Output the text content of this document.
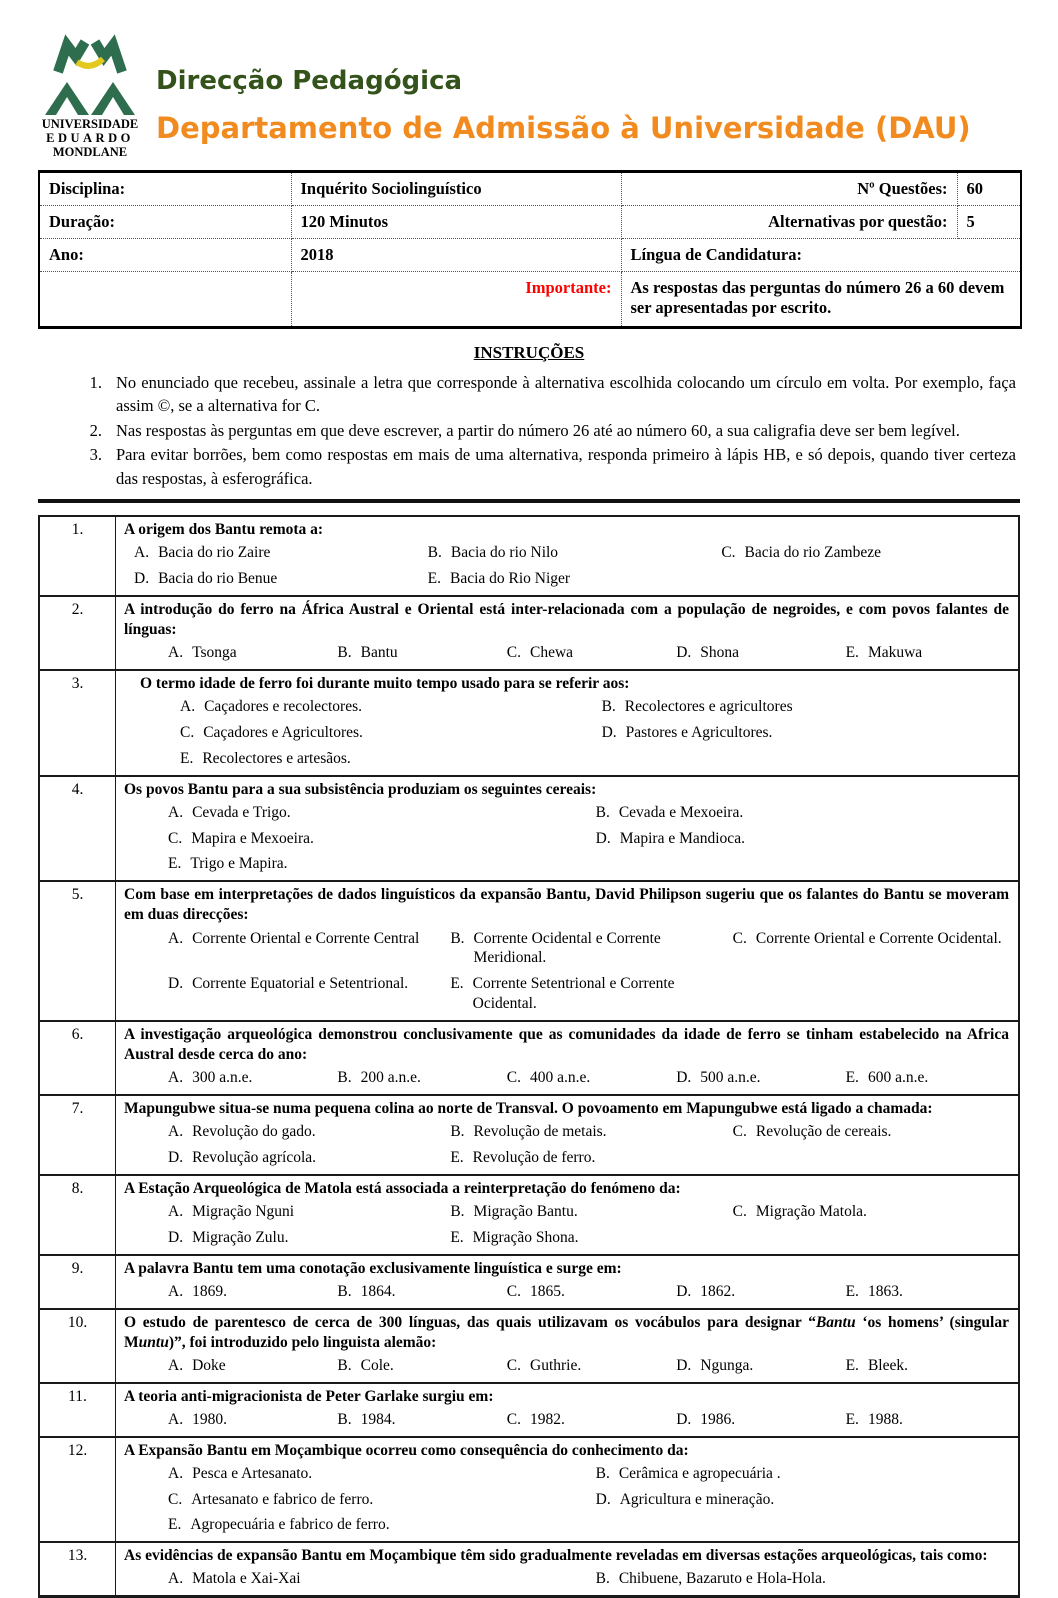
UNIVERSIDADE
EDUARDO
MONDLANE
Direcção Pedagógica
Departamento de Admissão à Universidade (DAU)
Disciplina:	Inquérito Sociolinguístico	Nº Questões:	60
Duração:	120 Minutos	Alternativas por questão:	5
Ano:	2018	Língua de Candidatura:	
	Importante:	As respostas das perguntas do número 26 a 60 devem ser apresentadas por escrito.	
INSTRUÇÕES
1. No enunciado que recebeu, assinale a letra que corresponde à alternativa escolhida colocando um círculo em volta. Por exemplo, faça assim ©, se a alternativa for C.
2. Nas respostas às perguntas em que deve escrever, a partir do número 26 até ao número 60, a sua caligrafia deve ser bem legível.
3. Para evitar borrões, bem como respostas em mais de uma alternativa, responda primeiro à lápis HB, e só depois, quando tiver certeza das respostas, à esferográfica.
1.	A origem dos Bantu remota a:
A. Bacia do rio Zaire	B. Bacia do rio Nilo	C. Bacia do rio Zambeze
D. Bacia do rio Benue	E. Bacia do Rio Niger
2.	A introdução do ferro na África Austral e Oriental está inter-relacionada com a população de negroides, e com povos falantes de línguas:
A. Tsonga	B. Bantu	C. Chewa	D. Shona	E. Makuwa
3.	O termo idade de ferro foi durante muito tempo usado para se referir aos:
A. Caçadores e recolectores.	B. Recolectores e agricultores
C. Caçadores e Agricultores.	D. Pastores e Agricultores.
E. Recolectores e artesãos.
4.	Os povos Bantu para a sua subsistência produziam os seguintes cereais:
A. Cevada e Trigo.	B. Cevada e Mexoeira.
C. Mapira e Mexoeira.	D. Mapira e Mandioca.
E. Trigo e Mapira.
5.	Com base em interpretações de dados linguísticos da expansão Bantu, David Philipson sugeriu que os falantes do Bantu se moveram em duas direcções:
A. Corrente Oriental e Corrente Central B. Corrente Ocidental e Corrente Meridional.
C. Corrente Oriental e Corrente Ocidental.
D. Corrente Equatorial e Setentrional.	E. Corrente Setentrional e Corrente Ocidental.
6.	A investigação arqueológica demonstrou conclusivamente que as comunidades da idade de ferro se tinham estabelecido na Africa Austral desde cerca do ano:
A. 300 a.n.e.	B. 200 a.n.e.	C. 400 a.n.e.	D. 500 a.n.e.	E. 600 a.n.e.
7.	Mapungubwe situa-se numa pequena colina ao norte de Transval. O povoamento em Mapungubwe está ligado a chamada:
A. Revolução do gado.	B. Revolução de metais.	C. Revolução de cereais.
D. Revolução agrícola.	E. Revolução de ferro.
8.	A Estação Arqueológica de Matola está associada a reinterpretação do fenómeno da:
A. Migração Nguni	B. Migração Bantu.	C. Migração Matola.
D. Migração Zulu.	E. Migração Shona.
9.	A palavra Bantu tem uma conotação exclusivamente linguística e surge em:
A. 1869.	B. 1864.	C. 1865.	D. 1862.	E. 1863.
10.	O estudo de parentesco de cerca de 300 línguas, das quais utilizavam os vocábulos para designar “Bantu ‘os homens’ (singular Muntu)”, foi introduzido pelo linguista alemão:
A. Doke	B. Cole.	C. Guthrie.	D. Ngunga.	E. Bleek.
11.	A teoria anti-migracionista de Peter Garlake surgiu em:
A. 1980.	B. 1984.	C. 1982.	D. 1986.	E. 1988.
12.	A Expansão Bantu em Moçambique ocorreu como consequência do conhecimento da:
A. Pesca e Artesanato.	B. Cerâmica e agropecuária .
C. Artesanato e fabrico de ferro.	D. Agricultura e mineração.
E. Agropecuária e fabrico de ferro.
13.	As evidências de expansão Bantu em Moçambique têm sido gradualmente reveladas em diversas estações arqueológicas, tais como:
A. Matola e Xai-Xai	B. Chibuene, Bazaruto e Hola-Hola.
